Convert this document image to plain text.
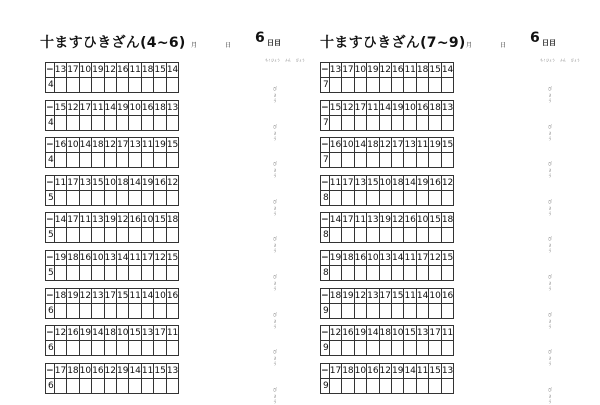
十ますひきざん(4~6) 月	日 6 日目
もくひょう 　 ふん 　 びょう
−	13	17	10	19	12	16	11	18	15	14
4											びょう
−	15	12	17	11	14	19	10	16	18	13
4											びょう
−	16	10	14	18	12	17	13	11	19	15
4											びょう
−	11	17	13	15	10	18	14	19	16	12
5											びょう
−	14	17	11	13	19	12	16	10	15	18
5											びょう
−	19	18	16	10	13	14	11	17	12	15
5											びょう
−	18	19	12	13	17	15	11	14	10	16
6											びょう
−	12	16	19	14	18	10	15	13	17	11
6											びょう
−	17	18	10	16	12	19	14	11	15	13
6											びょう
十ますひきざん(7~9) 月	日 6 日目
もくひょう 　 ふん 　 びょう
−	13	17	10	19	12	16	11	18	15	14
7											びょう
−	15	12	17	11	14	19	10	16	18	13
7											びょう
−	16	10	14	18	12	17	13	11	19	15
7											びょう
−	11	17	13	15	10	18	14	19	16	12
8											びょう
−	14	17	11	13	19	12	16	10	15	18
8											びょう
−	19	18	16	10	13	14	11	17	12	15
8											びょう
−	18	19	12	13	17	15	11	14	10	16
9											びょう
−	12	16	19	14	18	10	15	13	17	11
9											びょう
−	17	18	10	16	12	19	14	11	15	13
9											びょう
